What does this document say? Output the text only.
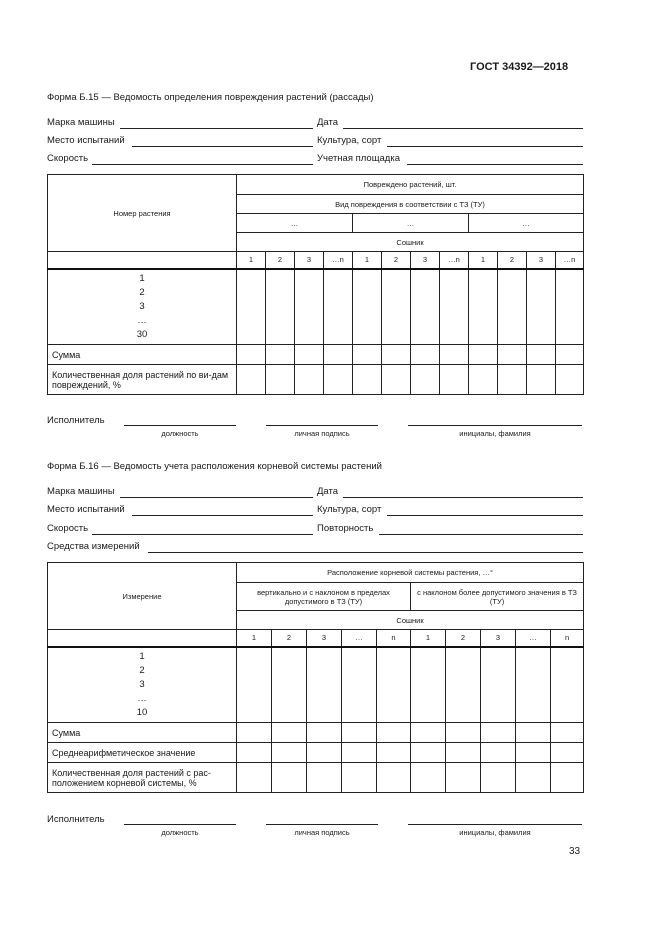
ГОСТ 34392—2018
Форма Б.15 — Ведомость определения повреждения растений (рассады)
Марка машины	Дата
Место испытаний	Культура, сорт
Скорость	Учетная площадка
Номер растения	Повреждено растений, шт.											
	Вид повреждения в соответствии с ТЗ (ТУ)											
	…				…				…			
	Сошник											
	1	2	3	…n	1	2	3	…n	1	2	3	…n

1
2
3
…
30												

Сумма												
Количественная доля растений по ви-дам повреждений, %												
Исполнитель
должность	личная подпись	инициалы, фамилия
Форма Б.16 — Ведомость учета расположения корневой системы растений
Марка машины	Дата
Место испытаний	Культура, сорт
Скорость	Повторность
Средства измерений
Измерение	Расположение корневой системы растения, …°									
	вертикально и с наклоном в пределах допустимого в ТЗ (ТУ)					с наклоном более допустимого значения в ТЗ (ТУ)				
	Сошник									
	1	2	3	…	n	1	2	3	…	n

1
2
3
…
10										

Сумма										
Среднеарифметическое значение										
Количественная доля растений с рас-положением корневой системы, %										
Исполнитель
должность	личная подпись	инициалы, фамилия
33
